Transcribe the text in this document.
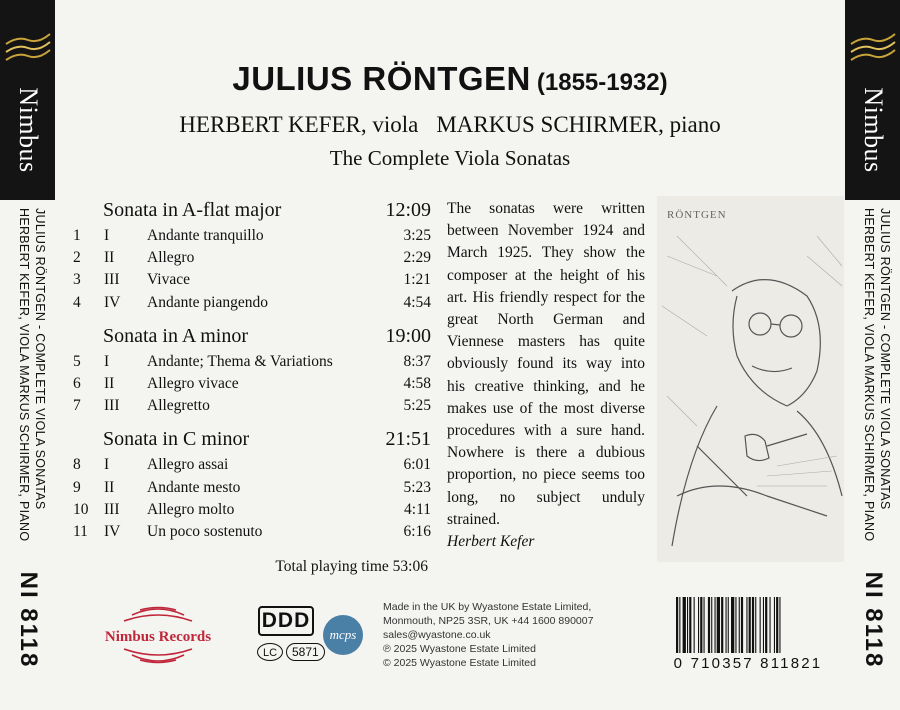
Nimbus
JULIUS RÖNTGEN - COMPLETE VIOLA SONATAS
HERBERT KEFER, VIOLA MARKUS SCHIRMER, PIANO
NI 8118
Nimbus
JULIUS RÖNTGEN - COMPLETE VIOLA SONATAS
HERBERT KEFER, VIOLA MARKUS SCHIRMER, PIANO
NI 8118
JULIUS RÖNTGEN (1855-1932)
HERBERT KEFER, viola MARKUS SCHIRMER, piano
The Complete Viola Sonatas
Sonata in A-flat major	12:09
1	I	Andante tranquillo	3:25
2	II	Allegro	2:29
3	III	Vivace	1:21
4	IV	Andante piangendo	4:54
Sonata in A minor	19:00
5	I	Andante; Thema & Variations	8:37
6	II	Allegro vivace	4:58
7	III	Allegretto	5:25
Sonata in C minor	21:51
8	I	Allegro assai	6:01
9	II	Andante mesto	5:23
10	III	Allegro molto	4:11
11	IV	Un poco sostenuto	6:16
Total playing time 53:06
The sonatas were written between November 1924 and March 1925. They show the composer at the height of his art. His friendly respect for the great North German and Viennese masters has quite obviously found its way into his creative thinking, and he makes use of the most diverse procedures with a sure hand. Nowhere is there a dubious proportion, no piece seems too long, no subject unduly strained.
Herbert Kefer
RÖNTGEN
Nimbus Records
DDD
LC	5871
mcps
Made in the UK by Wyastone Estate Limited,
Monmouth, NP25 3SR, UK +44 1600 890007
sales@wyastone.co.uk
℗ 2025 Wyastone Estate Limited
© 2025 Wyastone Estate Limited	0 710357 811821
